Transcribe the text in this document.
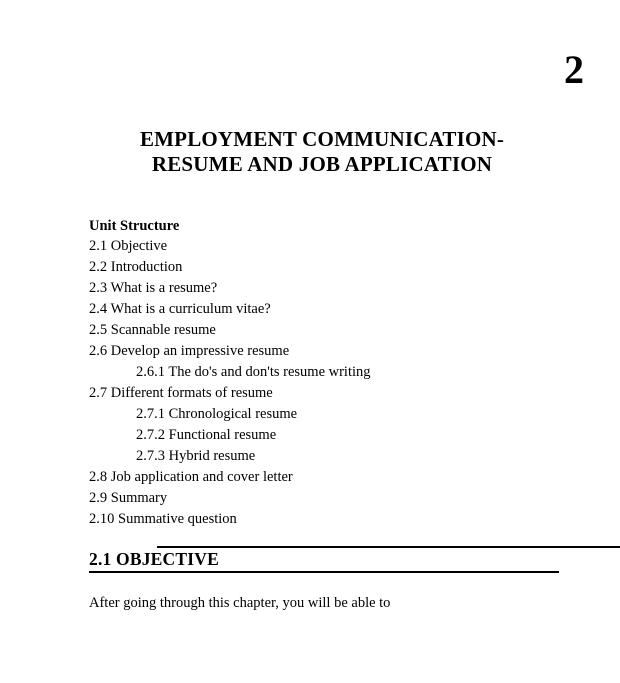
2
EMPLOYMENT COMMUNICATION-
RESUME AND JOB APPLICATION
Unit Structure
2.1 Objective
2.2 Introduction
2.3 What is a resume?
2.4 What is a curriculum vitae?
2.5 Scannable resume
2.6 Develop an impressive resume
2.6.1 The do's and don'ts resume writing
2.7 Different formats of resume
2.7.1 Chronological resume
2.7.2 Functional resume
2.7.3 Hybrid resume
2.8 Job application and cover letter
2.9 Summary
2.10 Summative question
2.1 OBJECTIVE
After going through this chapter, you will be able to
